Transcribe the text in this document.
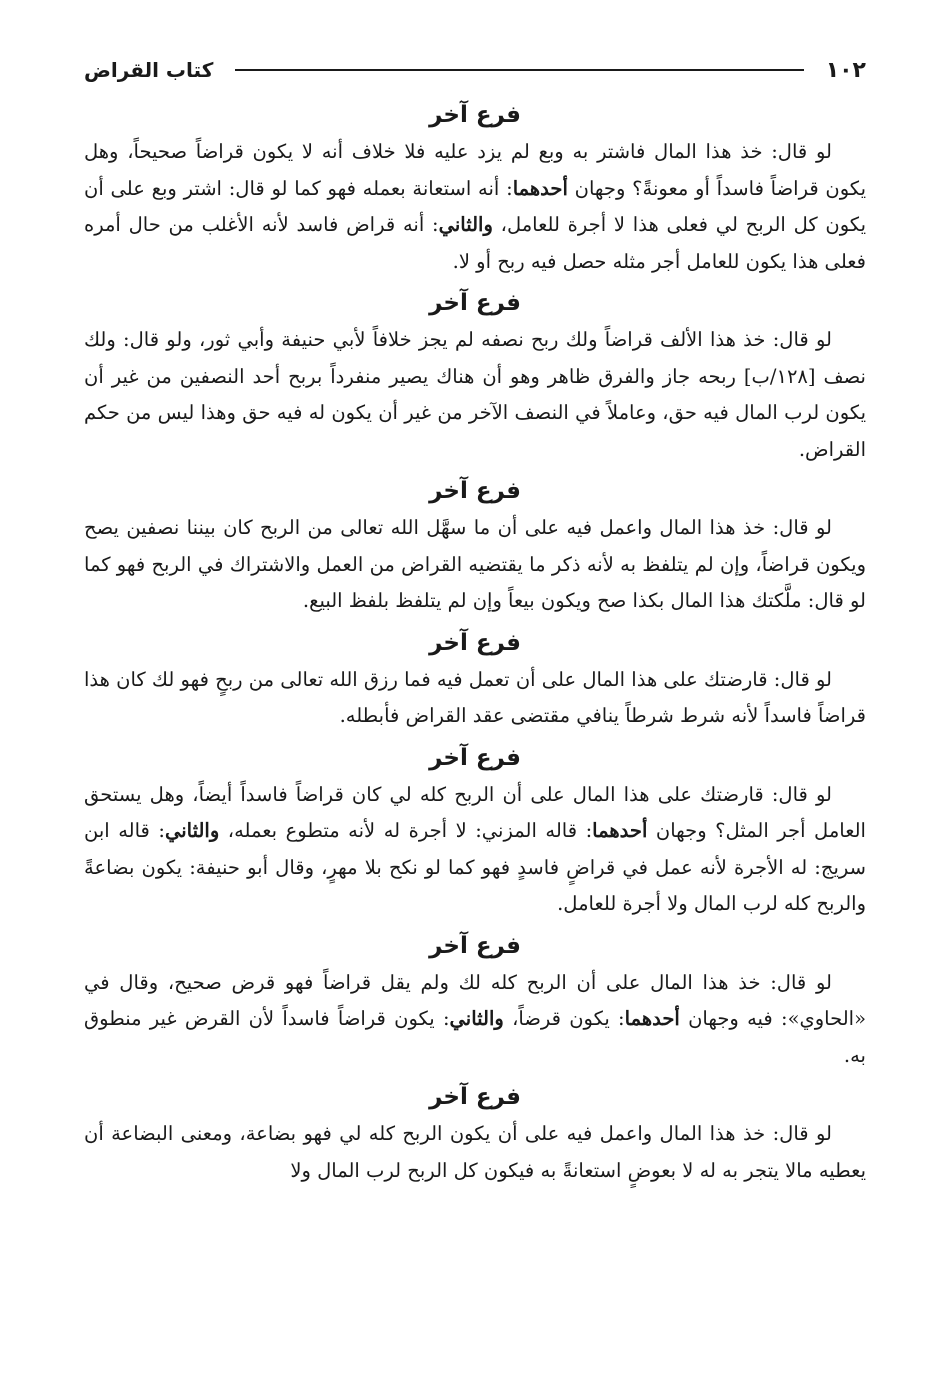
١٠٢
كتاب القراض
فرع آخر

لو قال: خذ هذا المال فاشتر به وبع لم يزد عليه فلا خلاف أنه لا يكون قراضاً صحيحاً، وهل يكون قراضاً فاسداً أو معونةً؟ وجهان أحدهما: أنه استعانة بعمله فهو كما لو قال: اشتر وبع على أن يكون كل الربح لي فعلى هذا لا أجرة للعامل، والثاني: أنه قراض فاسد لأنه الأغلب من حال أمره فعلى هذا يكون للعامل أجر مثله حصل فيه ربح أو لا.

فرع آخر

لو قال: خذ هذا الألف قراضاً ولك ربح نصفه لم يجز خلافاً لأبي حنيفة وأبي ثور، ولو قال: ولك نصف [١٢٨/ب] ربحه جاز والفرق ظاهر وهو أن هناك يصير منفرداً بربح أحد النصفين من غير أن يكون لرب المال فيه حق، وعاملاً في النصف الآخر من غير أن يكون له فيه حق وهذا ليس من حكم القراض.

فرع آخر

لو قال: خذ هذا المال واعمل فيه على أن ما سهَّل الله تعالى من الربح كان بيننا نصفين يصح ويكون قراضاً، وإن لم يتلفظ به لأنه ذكر ما يقتضيه القراض من العمل والاشتراك في الربح فهو كما لو قال: ملَّكتك هذا المال بكذا صح ويكون بيعاً وإن لم يتلفظ بلفظ البيع.

فرع آخر

لو قال: قارضتك على هذا المال على أن تعمل فيه فما رزق الله تعالى من ربحٍ فهو لك كان هذا قراضاً فاسداً لأنه شرط شرطاً ينافي مقتضى عقد القراض فأبطله.

فرع آخر

لو قال: قارضتك على هذا المال على أن الربح كله لي كان قراضاً فاسداً أيضاً، وهل يستحق العامل أجر المثل؟ وجهان أحدهما: قاله المزني: لا أجرة له لأنه متطوع بعمله، والثاني: قاله ابن سريج: له الأجرة لأنه عمل في قراضٍ فاسدٍ فهو كما لو نكح بلا مهرٍ، وقال أبو حنيفة: يكون بضاعةً والربح كله لرب المال ولا أجرة للعامل.

فرع آخر

لو قال: خذ هذا المال على أن الربح كله لك ولم يقل قراضاً فهو قرض صحيح، وقال في «الحاوي»: فيه وجهان أحدهما: يكون قرضاً، والثاني: يكون قراضاً فاسداً لأن القرض غير منطوق به.

فرع آخر

لو قال: خذ هذا المال واعمل فيه على أن يكون الربح كله لي فهو بضاعة، ومعنى البضاعة أن يعطيه مالا يتجر به له لا بعوضٍ استعانةً به فيكون كل الربح لرب المال ولا
